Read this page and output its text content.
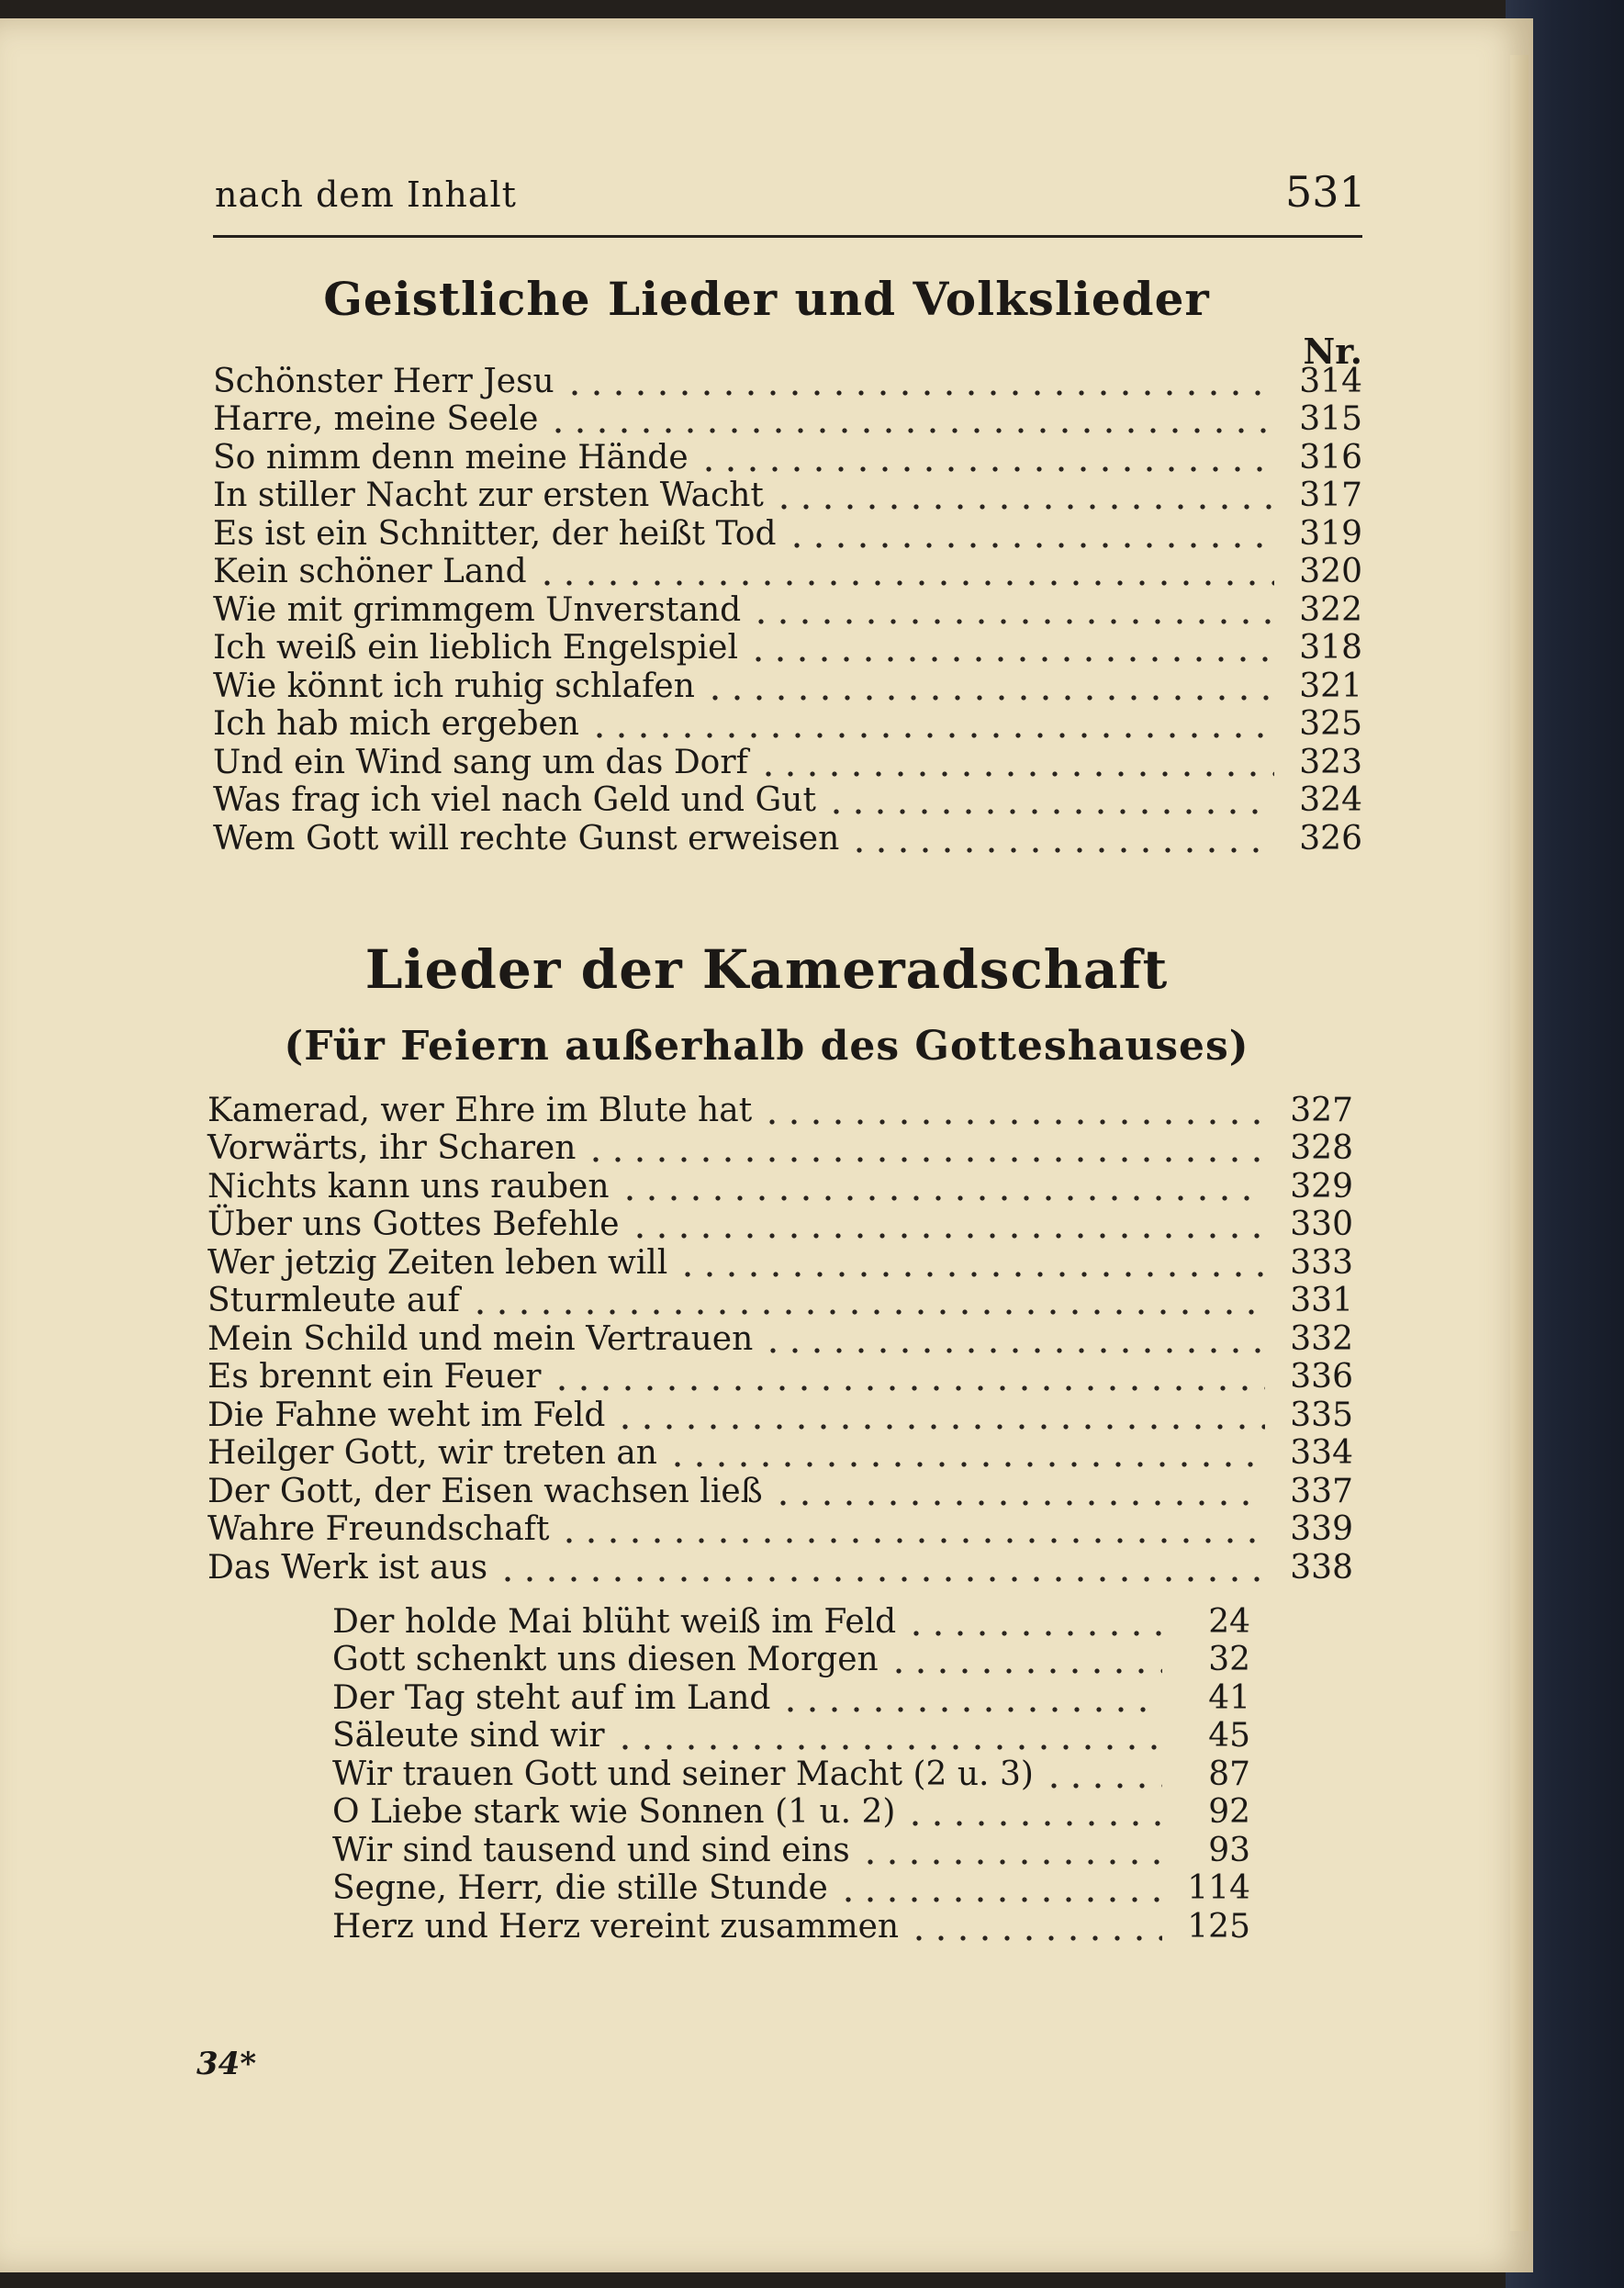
nach dem Inhalt	531
Geistliche Lieder und Volkslieder
Nr.
Schönster Herr Jesu	314
Harre, meine Seele	315
So nimm denn meine Hände	316
In stiller Nacht zur ersten Wacht	317
Es ist ein Schnitter, der heißt Tod	319
Kein schöner Land	320
Wie mit grimmgem Unverstand	322
Ich weiß ein lieblich Engelspiel	318
Wie könnt ich ruhig schlafen	321
Ich hab mich ergeben	325
Und ein Wind sang um das Dorf	323
Was frag ich viel nach Geld und Gut	324
Wem Gott will rechte Gunst erweisen	326
Lieder der Kameradschaft
(Für Feiern außerhalb des Gotteshauses)
Kamerad, wer Ehre im Blute hat	327
Vorwärts, ihr Scharen	328
Nichts kann uns rauben	329
Über uns Gottes Befehle	330
Wer jetzig Zeiten leben will	333
Sturmleute auf	331
Mein Schild und mein Vertrauen	332
Es brennt ein Feuer	336
Die Fahne weht im Feld	335
Heilger Gott, wir treten an	334
Der Gott, der Eisen wachsen ließ	337
Wahre Freundschaft	339
Das Werk ist aus	338
Der holde Mai blüht weiß im Feld	24
Gott schenkt uns diesen Morgen	32
Der Tag steht auf im Land	41
Säleute sind wir	45
Wir trauen Gott und seiner Macht (2 u. 3)	87
O Liebe stark wie Sonnen (1 u. 2)	92
Wir sind tausend und sind eins	93
Segne, Herr, die stille Stunde	114
Herz und Herz vereint zusammen	125
34*
